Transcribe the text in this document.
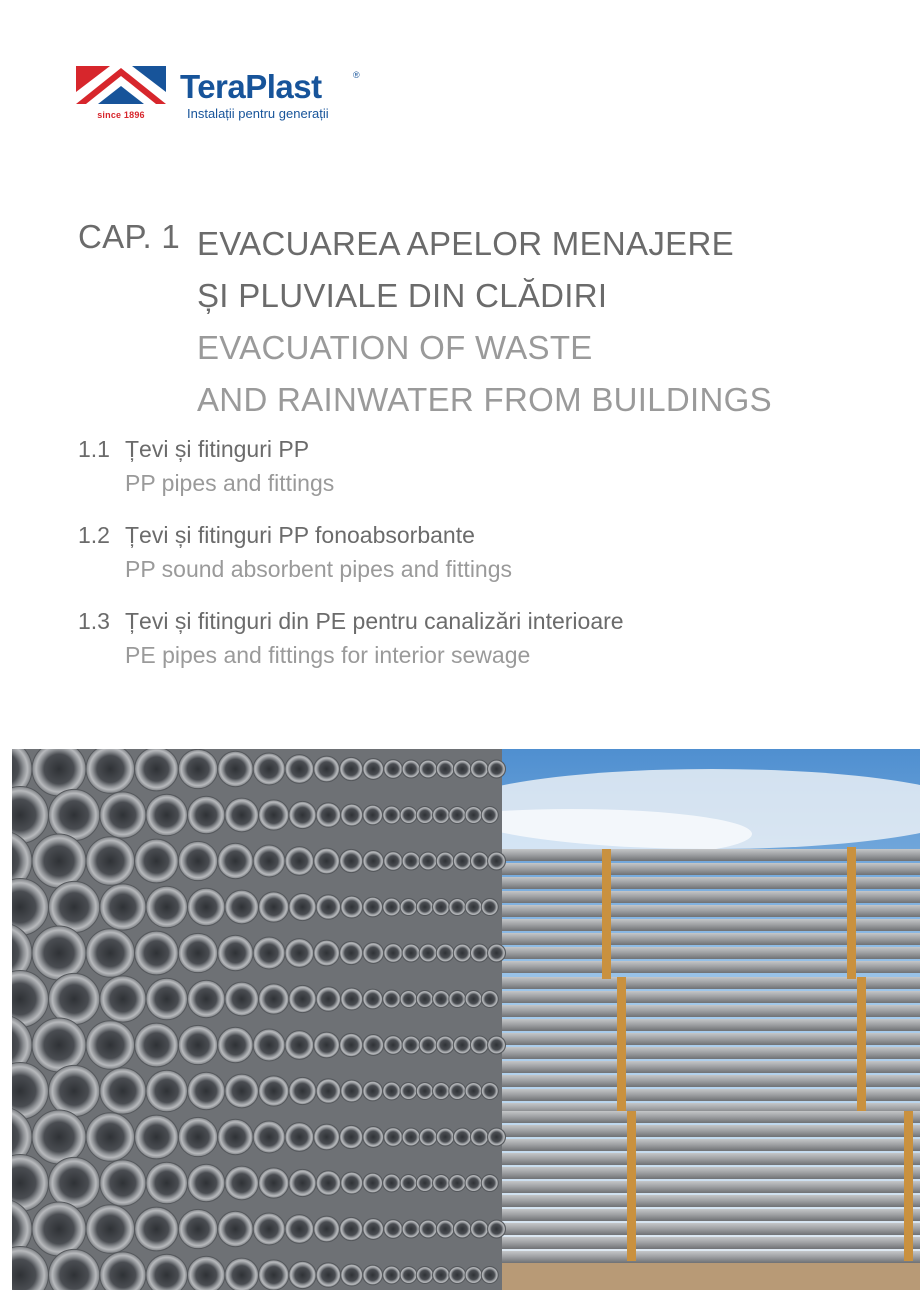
since 1896
TeraPlast	®
Instalații pentru generații
CAP. 1 EVACUAREA APELOR MENAJERE
ȘI PLUVIALE DIN CLĂDIRI
EVACUATION OF WASTE
AND RAINWATER FROM BUILDINGS
1.1 Țevi și fitinguri PP
PP pipes and fittings
1.2 Țevi și fitinguri PP fonoabsorbante
PP sound absorbent pipes and fittings
1.3 Țevi și fitinguri din PE pentru canalizări interioare
PE pipes and fittings for interior sewage
